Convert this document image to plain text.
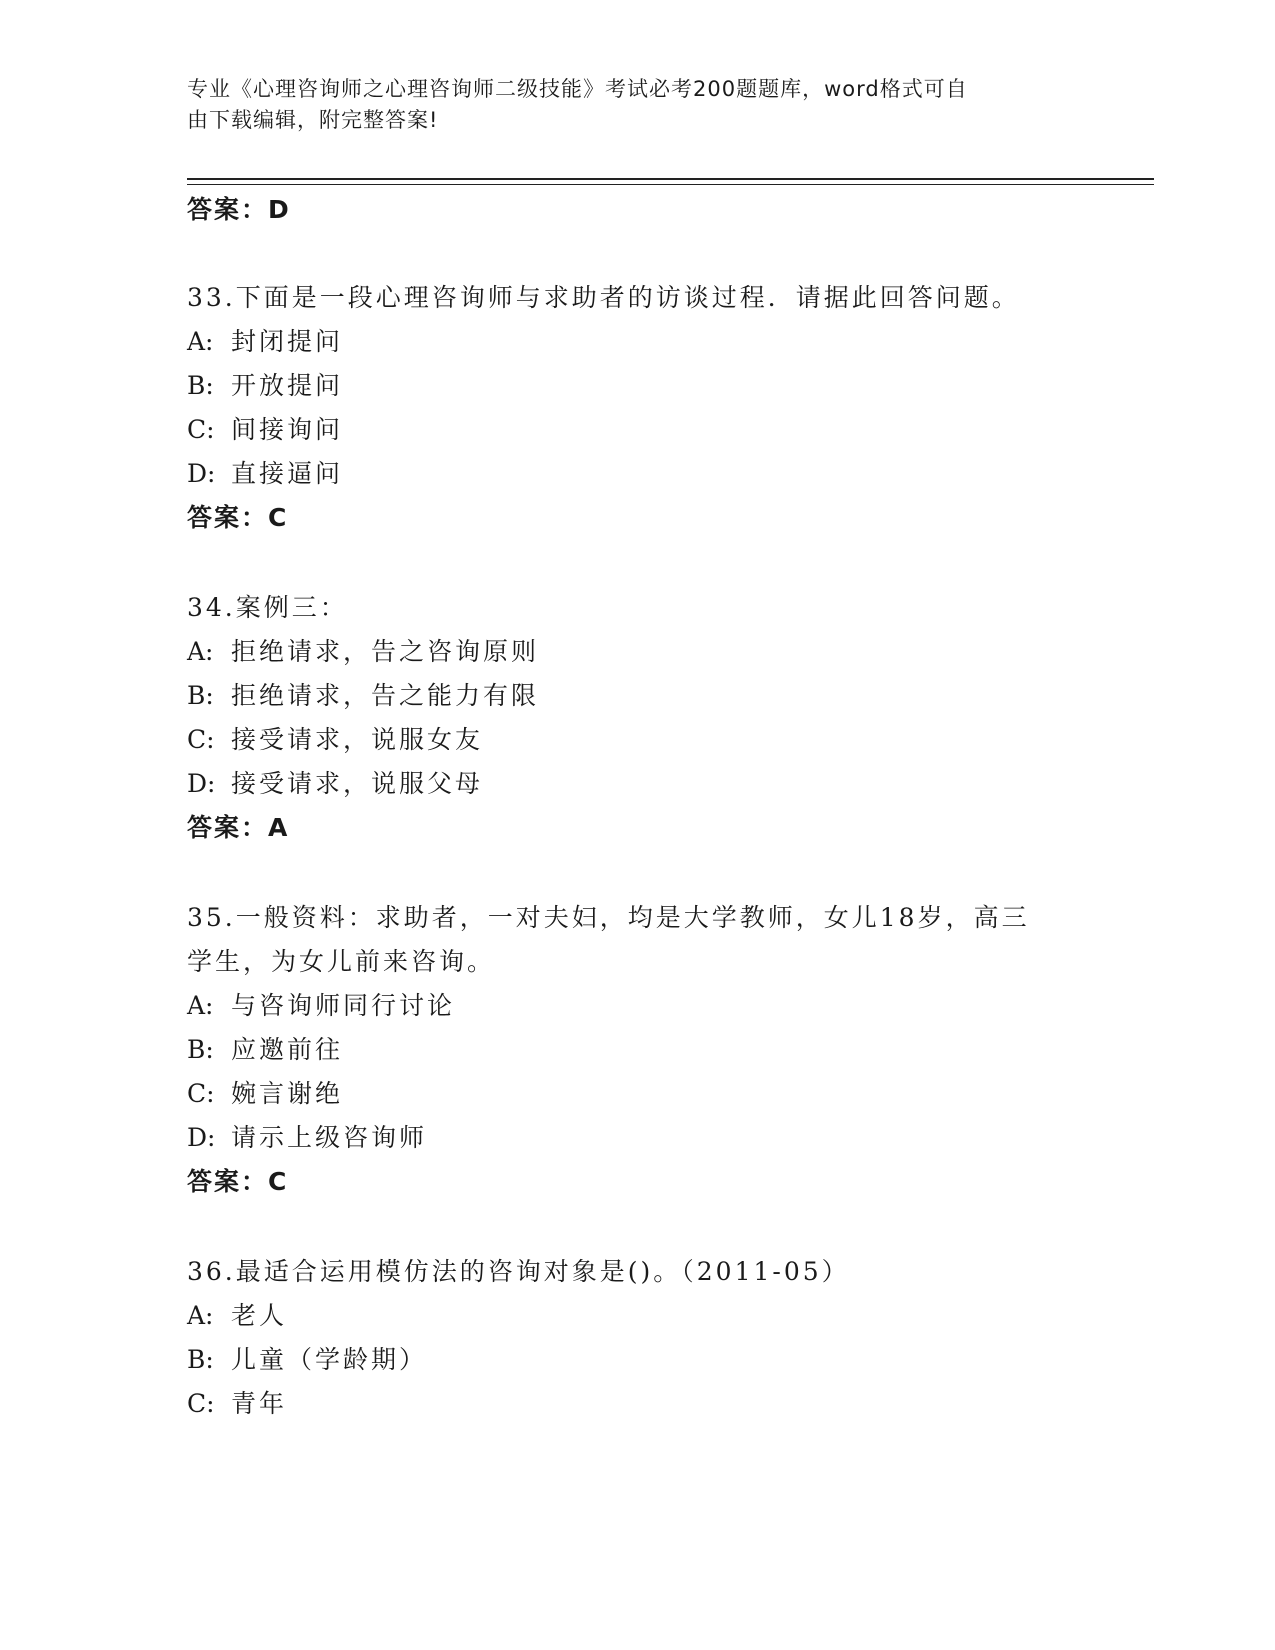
专业《心理咨询师之心理咨询师二级技能》考试必考200题题库，word格式可自
由下载编辑，附完整答案!
答案：D
33.下面是一段心理咨询师与求助者的访谈过程．请据此回答问题。
A: 封闭提问
B: 开放提问
C: 间接询问
D: 直接逼问
答案：C
34.案例三：
A: 拒绝请求，告之咨询原则
B: 拒绝请求，告之能力有限
C: 接受请求，说服女友
D: 接受请求，说服父母
答案：A
35.一般资料：求助者，一对夫妇，均是大学教师，女儿18岁，高三
学生，为女儿前来咨询。
A: 与咨询师同行讨论
B: 应邀前往
C: 婉言谢绝
D: 请示上级咨询师
答案：C
36.最适合运用模仿法的咨询对象是()。（2011-05）
A: 老人
B: 儿童（学龄期）
C: 青年
